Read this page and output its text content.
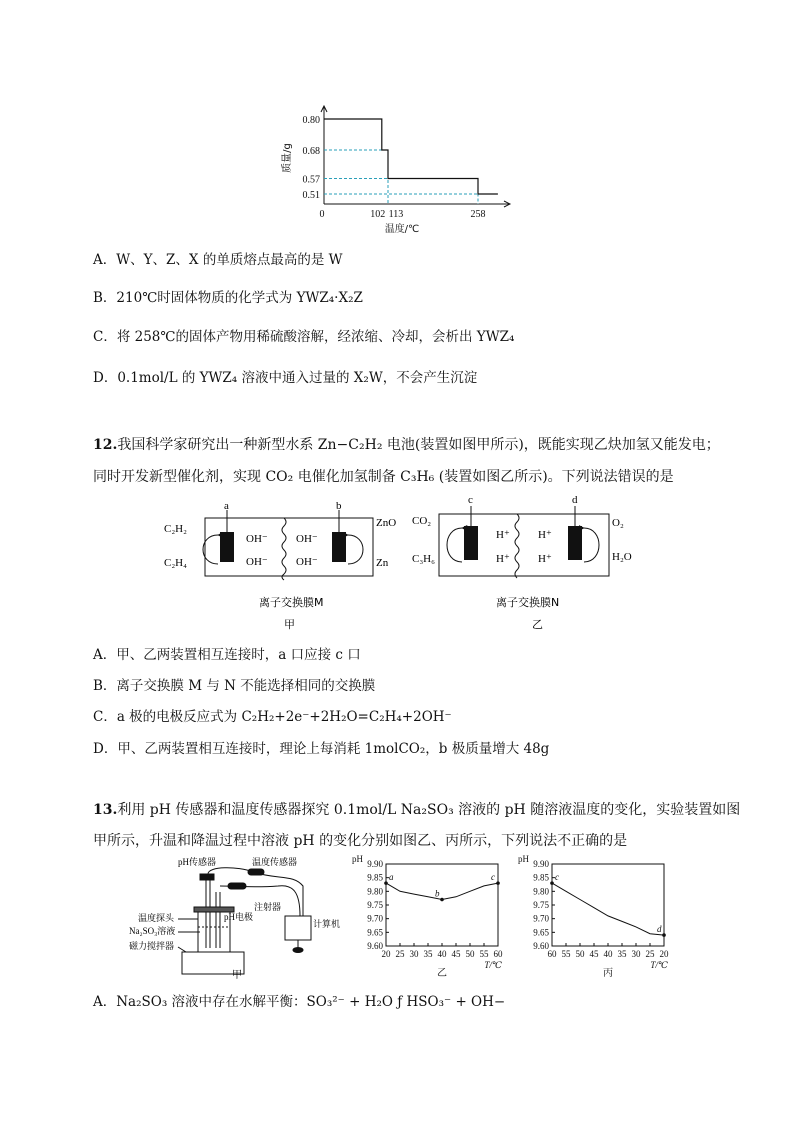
0.80
0.68
0.57
0.51
0	102 113	258
温度/℃
质量/g
A．W、Y、Z、X 的单质熔点最高的是 W
B．210℃时固体物质的化学式为 YWZ₄·X₂Z
C．将 258℃的固体产物用稀硫酸溶解，经浓缩、冷却，会析出 YWZ₄
D．0.1mol/L 的 YWZ₄ 溶液中通入过量的 X₂W，不会产生沉淀
12.我国科学家研究出一种新型水系 Zn−C₂H₂ 电池(装置如图甲所示)，既能实现乙炔加氢又能发电；
同时开发新型催化剂，实现 CO₂ 电催化加氢制备 C₃H₆ (装置如图乙所示)。下列说法错误的是
a	b
C₂H₂
C₂H₄
ZnO
Zn
OH⁻
OH⁻
OH⁻
OH⁻
离子交换膜M
甲
c	d
CO₂
C₃H₆
O₂
H₂O
H⁺
H⁺
H⁺
H⁺
离子交换膜N
乙
A．甲、乙两装置相互连接时，a 口应接 c 口
B．离子交换膜 M 与 N 不能选择相同的交换膜
C．a 极的电极反应式为 C₂H₂+2e⁻+2H₂O=C₂H₄+2OH⁻
D．甲、乙两装置相互连接时，理论上每消耗 1molCO₂，b 极质量增大 48g
13.利用 pH 传感器和温度传感器探究 0.1mol/L Na₂SO₃ 溶液的 pH 随溶液温度的变化，实验装置如图
甲所示，升温和降温过程中溶液 pH 的变化分别如图乙、丙所示，下列说法不正确的是
pH传感器	温度传感器
注射器
温度探头	pH电极
Na₂SO₃溶液
磁力搅拌器
计算机
甲
9.90
9.85
9.80
9.75
9.70
9.65
9.60
20 25 30 35 40 45 50 55 60
pH
T/℃
a
b
c
乙
9.90
9.85
9.80
9.75
9.70
9.65
9.60
60 55 50 45 40 35 30 25 20
pH
T/℃
c
d
丙
A．Na₂SO₃ 溶液中存在水解平衡：SO₃²⁻ + H₂O ƒ HSO₃⁻ + OH−
